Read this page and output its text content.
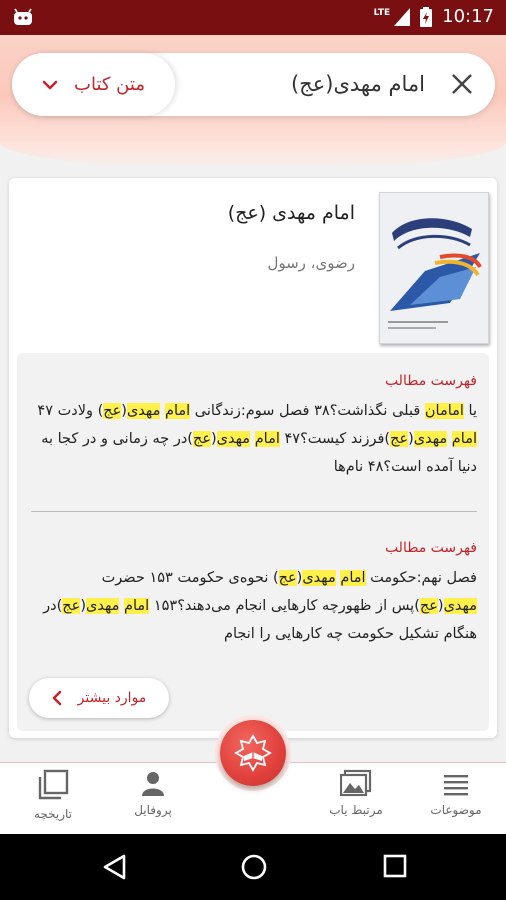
LTE	10:17
متن کتاب	امام مهدی(عج)
امام مهدی (عج)
رضوی، رسول
فهرست مطالب
یا امامان قبلی نگذاشت؟۳۸ فصل سوم:زندگانی امام مهدی(عج) ولادت ۴۷ امام مهدی(عج)فرزند کیست؟۴۷ امام مهدی(عج)در چه زمانی و در کجا به دنیا آمده است؟۴۸ نام‌ها
فهرست مطالب
فصل نهم:حکومت امام مهدی(عج) نحوه‌ی حکومت ۱۵۳ حضرت مهدی(عج)پس از ظهورچه کارهایی انجام می‌دهند؟۱۵۳ امام مهدی(عج)در هنگام تشکیل حکومت چه کارهایی را انجام
موارد بیشتر
موضوعات
مرتبط یاب
پروفایل
تاریخچه
